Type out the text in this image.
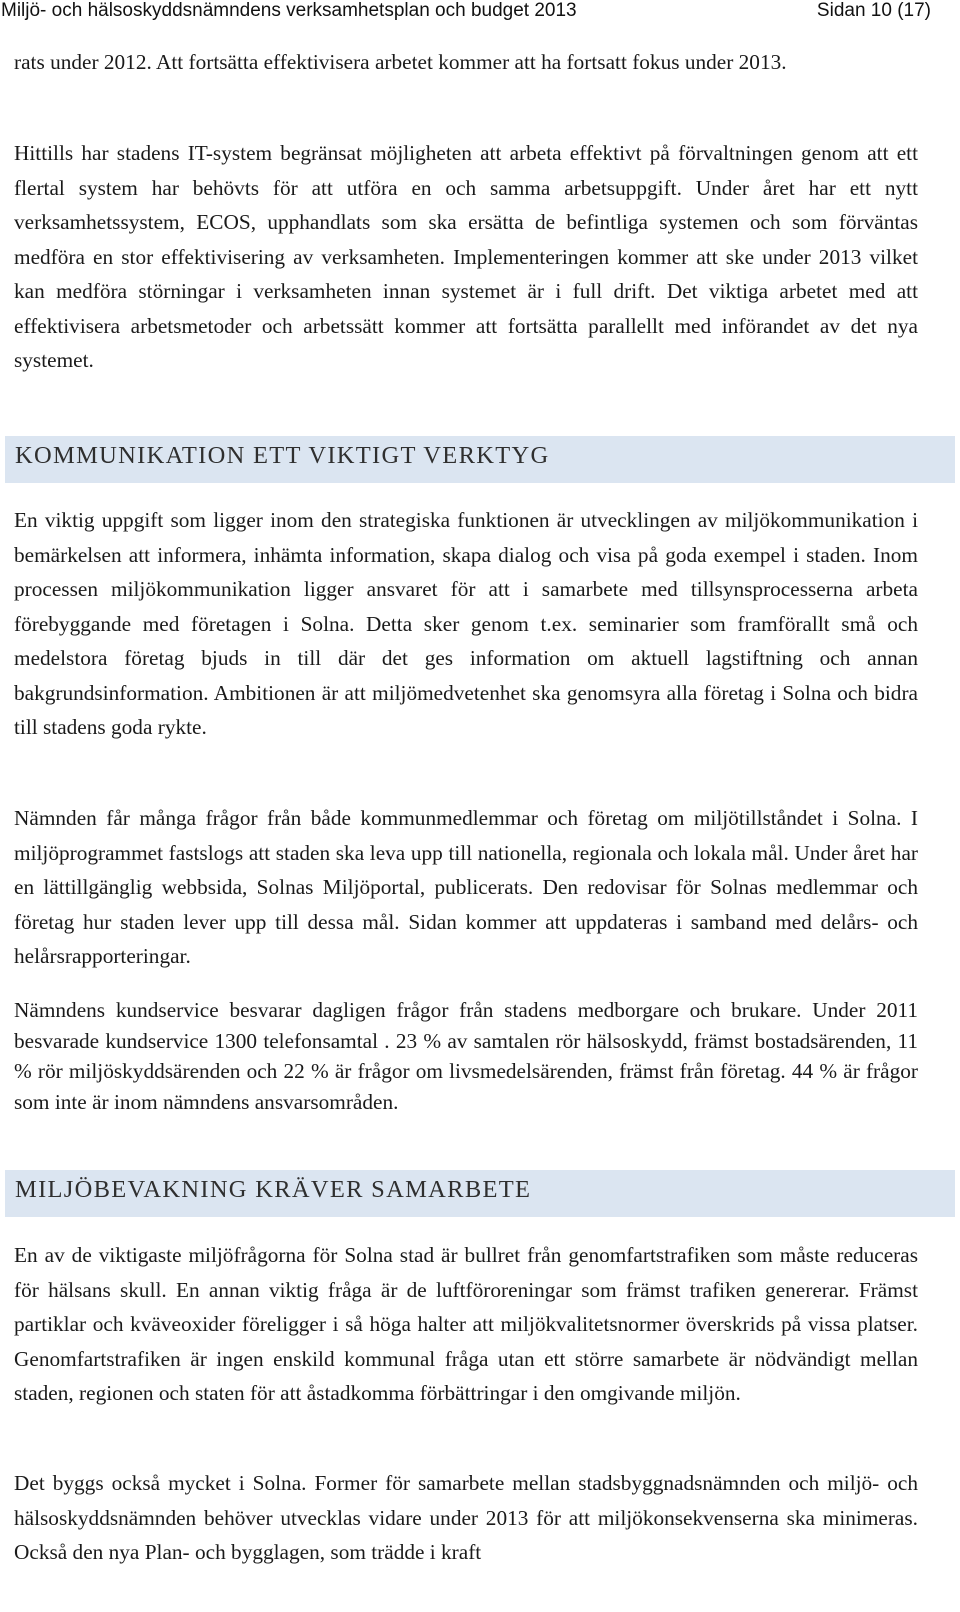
Miljö- och hälsoskyddsnämndens verksamhetsplan och budget 2013	Sidan 10 (17)

rats under 2012. Att fortsätta effektivisera arbetet kommer att ha fortsatt fokus under 2013.

Hittills har stadens IT-system begränsat möjligheten att arbeta effektivt på förvaltningen genom att ett flertal system har behövts för att utföra en och samma arbetsuppgift. Under året har ett nytt verksamhetssystem, ECOS, upphandlats som ska ersätta de befintliga systemen och som förväntas medföra en stor effektivisering av verksamheten. Implementeringen kommer att ske under 2013 vilket kan medföra störningar i verksamheten innan systemet är i full drift. Det viktiga arbetet med att effektivisera arbetsmetoder och arbetssätt kommer att fortsätta parallellt med införandet av det nya systemet.

KOMMUNIKATION ETT VIKTIGT VERKTYG

En viktig uppgift som ligger inom den strategiska funktionen är utvecklingen av miljökommunikation i bemärkelsen att informera, inhämta information, skapa dialog och visa på goda exempel i staden. Inom processen miljökommunikation ligger ansvaret för att i samarbete med tillsynsprocesserna arbeta förebyggande med företagen i Solna. Detta sker genom t.ex. seminarier som framförallt små och medelstora företag bjuds in till där det ges information om aktuell lagstiftning och annan bakgrundsinformation. Ambitionen är att miljömedvetenhet ska genomsyra alla företag i Solna och bidra till stadens goda rykte.

Nämnden får många frågor från både kommunmedlemmar och företag om miljötillståndet i Solna. I miljöprogrammet fastslogs att staden ska leva upp till nationella, regionala och lokala mål. Under året har en lättillgänglig webbsida, Solnas Miljöportal, publicerats. Den redovisar för Solnas medlemmar och företag hur staden lever upp till dessa mål. Sidan kommer att uppdateras i samband med delårs- och helårsrapporteringar.

Nämndens kundservice besvarar dagligen frågor från stadens medborgare och brukare. Under 2011 besvarade kundservice 1300 telefonsamtal . 23 % av samtalen rör hälsoskydd, främst bostadsärenden, 11 % rör miljöskyddsärenden och 22 % är frågor om livsmedelsärenden, främst från företag. 44 % är frågor som inte är inom nämndens ansvarsområden.

MILJÖBEVAKNING KRÄVER SAMARBETE

En av de viktigaste miljöfrågorna för Solna stad är bullret från genomfartstrafiken som måste reduceras för hälsans skull. En annan viktig fråga är de luftföroreningar som främst trafiken genererar. Främst partiklar och kväveoxider föreligger i så höga halter att miljökvalitetsnormer överskrids på vissa platser. Genomfartstrafiken är ingen enskild kommunal fråga utan ett större samarbete är nödvändigt mellan staden, regionen och staten för att åstadkomma förbättringar i den omgivande miljön.

Det byggs också mycket i Solna. Former för samarbete mellan stadsbyggnadsnämnden och miljö- och hälsoskyddsnämnden behöver utvecklas vidare under 2013 för att miljökonsekvenserna ska minimeras. Också den nya Plan- och bygglagen, som trädde i kraft
